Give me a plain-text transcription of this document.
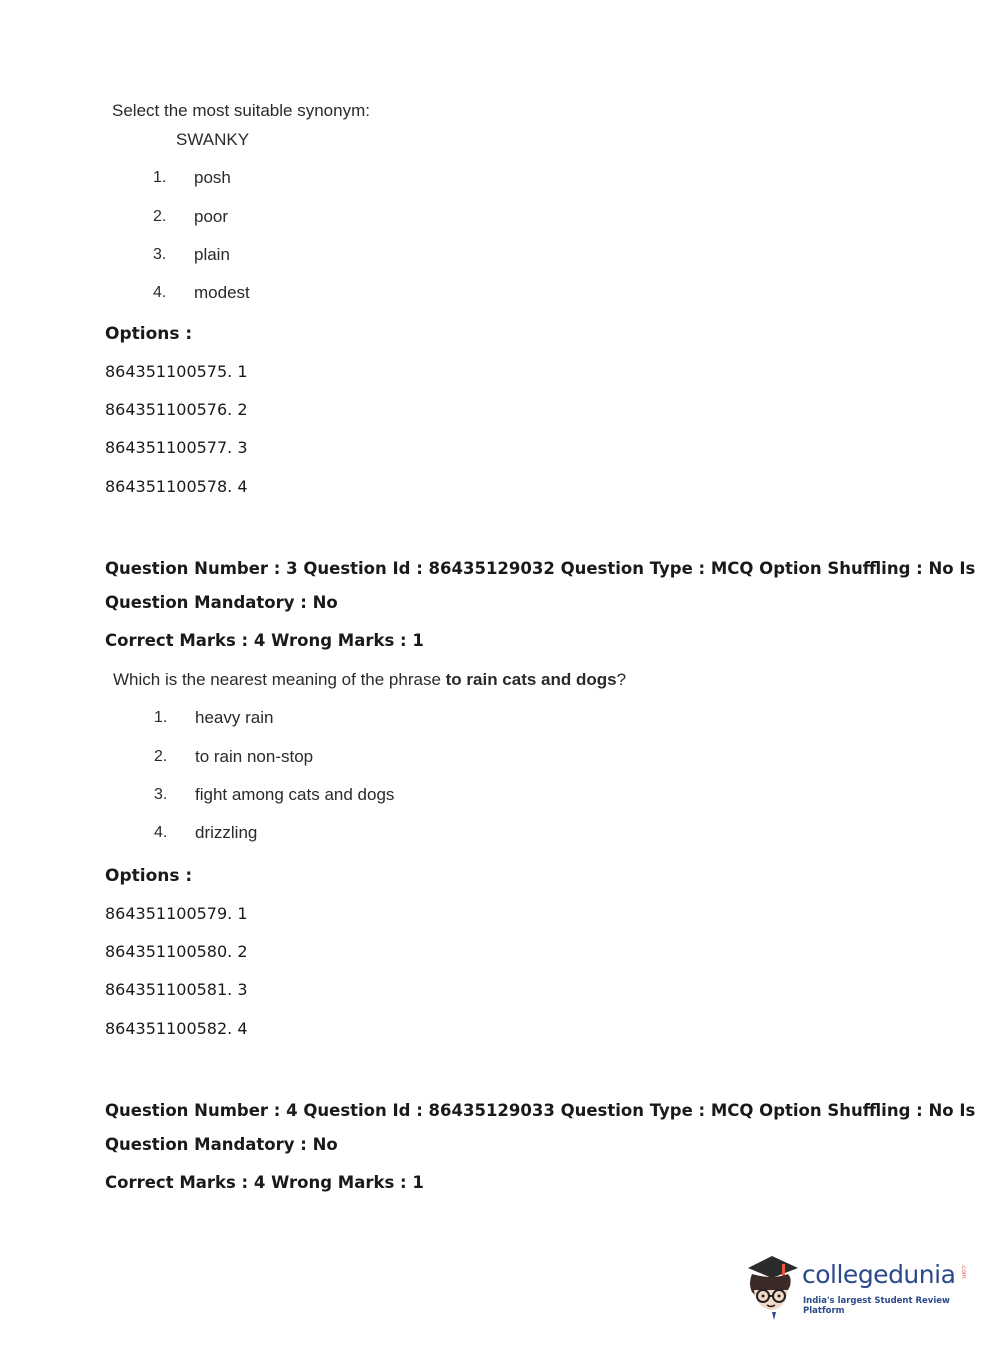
Select the most suitable synonym:
SWANKY
1. posh
2. poor
3. plain
4. modest
Options :
864351100575. 1
864351100576. 2
864351100577. 3
864351100578. 4
Question Number : 3 Question Id : 86435129032 Question Type : MCQ Option Shuffling : No Is
Question Mandatory : No
Correct Marks : 4 Wrong Marks : 1
Which is the nearest meaning of the phrase to rain cats and dogs?
1. heavy rain
2. to rain non-stop
3. fight among cats and dogs
4. drizzling
Options :
864351100579. 1
864351100580. 2
864351100581. 3
864351100582. 4
Question Number : 4 Question Id : 86435129033 Question Type : MCQ Option Shuffling : No Is
Question Mandatory : No
Correct Marks : 4 Wrong Marks : 1
collegedunia .com
India's largest Student Review Platform
